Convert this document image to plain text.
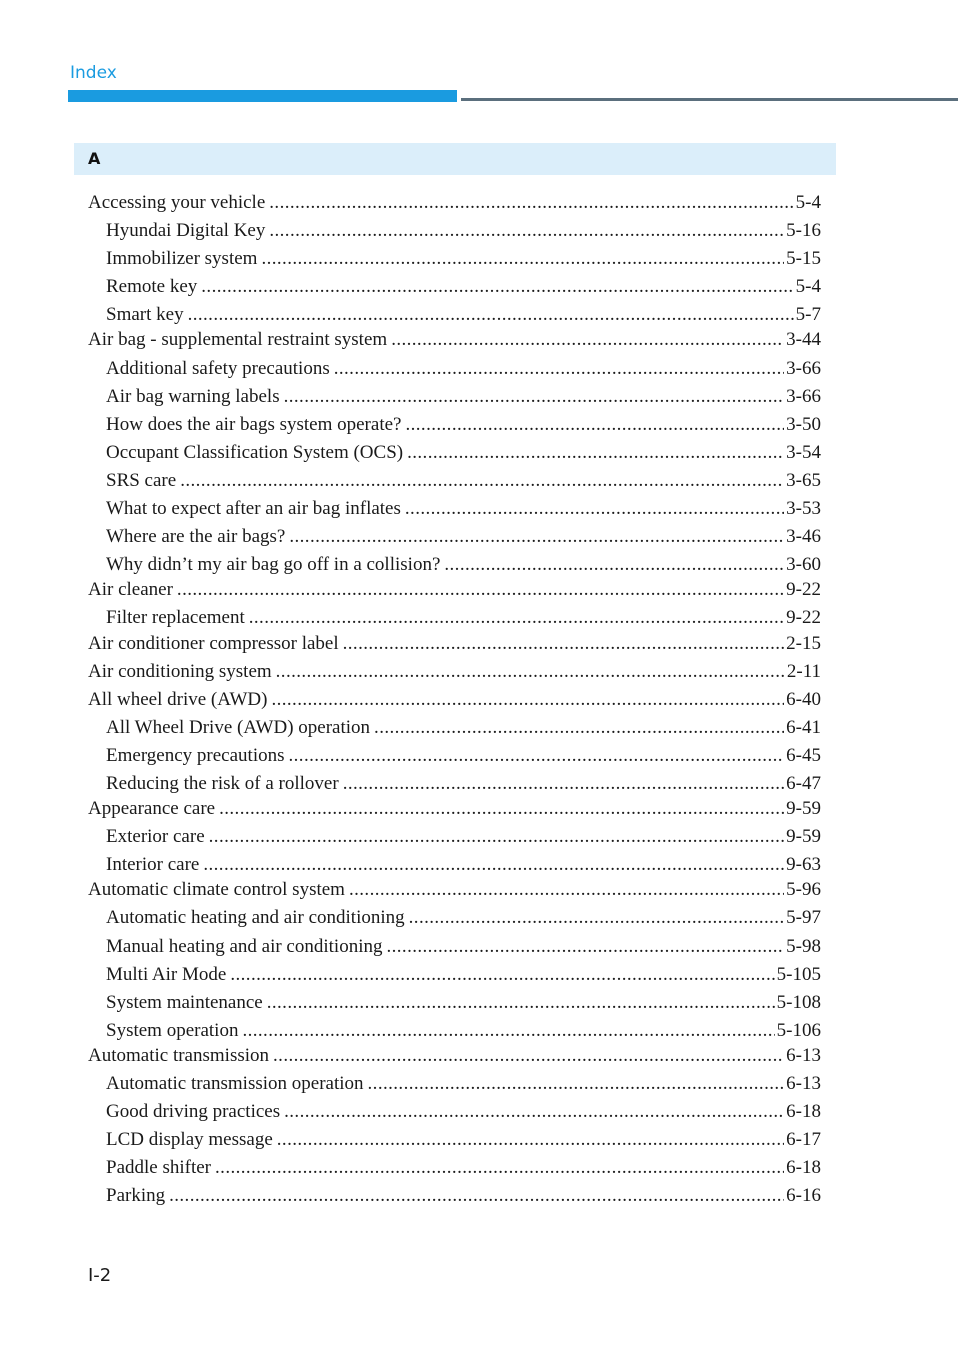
Index
A
Accessing your vehicle .....	5-4
Hyundai Digital Key .....	5-16
Immobilizer system .....	5-15
Remote key .....	5-4
Smart key .....	5-7
Air bag - supplemental restraint system .....	3-44
Additional safety precautions .....	3-66
Air bag warning labels .....	3-66
How does the air bags system operate? .....	3-50
Occupant Classification System (OCS) .....	3-54
SRS care .....	3-65
What to expect after an air bag inflates .....	3-53
Where are the air bags? .....	3-46
Why didn’t my air bag go off in a collision? .....	3-60
Air cleaner .....	9-22
Filter replacement .....	9-22
Air conditioner compressor label .....	2-15
Air conditioning system .....	2-11
All wheel drive (AWD) .....	6-40
All Wheel Drive (AWD) operation .....	6-41
Emergency precautions .....	6-45
Reducing the risk of a rollover .....	6-47
Appearance care .....	9-59
Exterior care .....	9-59
Interior care .....	9-63
Automatic climate control system .....	5-96
Automatic heating and air conditioning .....	5-97
Manual heating and air conditioning .....	5-98
Multi Air Mode .....	5-105
System maintenance .....	5-108
System operation .....	5-106
Automatic transmission .....	6-13
Automatic transmission operation .....	6-13
Good driving practices .....	6-18
LCD display message .....	6-17
Paddle shifter .....	6-18
Parking .....	6-16
I-2
